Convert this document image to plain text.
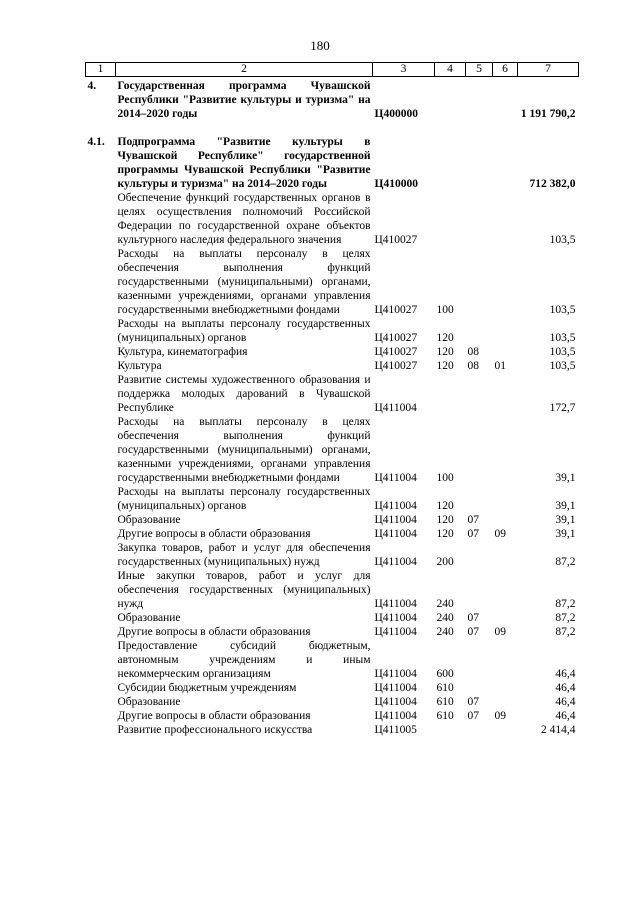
180
1	2	3	4	5	6	7
4.	Государственная программа Чувашской Республики "Развитие культуры и туризма" на 2014–2020 годы	Ц400000				1 191 790,2
4.1.	Подпрограмма "Развитие культуры в Чувашской Республике" государственной программы Чувашской Республики "Развитие культуры и туризма" на 2014–2020 годы	Ц410000				712 382,0
	Обеспечение функций государственных органов в целях осуществления полномочий Российской Федерации по государственной охране объектов культурного наследия федерального значения	Ц410027				103,5
	Расходы на выплаты персоналу в целях обеспечения выполнения функций государственными (муниципальными) органами, казенными учреждениями, органами управления государственными внебюджетными фондами	Ц410027	100			103,5
	Расходы на выплаты персоналу государственных (муниципальных) органов	Ц410027	120			103,5
	Культура, кинематография	Ц410027	120	08		103,5
	Культура	Ц410027	120	08	01	103,5
	Развитие системы художественного образования и поддержка молодых дарований в Чувашской Республике	Ц411004				172,7
	Расходы на выплаты персоналу в целях обеспечения выполнения функций государственными (муниципальными) органами, казенными учреждениями, органами управления государственными внебюджетными фондами	Ц411004	100			39,1
	Расходы на выплаты персоналу государственных (муниципальных) органов	Ц411004	120			39,1
	Образование	Ц411004	120	07		39,1
	Другие вопросы в области образования	Ц411004	120	07	09	39,1
	Закупка товаров, работ и услуг для обеспечения государственных (муниципальных) нужд	Ц411004	200			87,2
	Иные закупки товаров, работ и услуг для обеспечения государственных (муниципальных) нужд	Ц411004	240			87,2
	Образование	Ц411004	240	07		87,2
	Другие вопросы в области образования	Ц411004	240	07	09	87,2
	Предоставление субсидий бюджетным, автономным учреждениям и иным некоммерческим организациям	Ц411004	600			46,4
	Субсидии бюджетным учреждениям	Ц411004	610			46,4
	Образование	Ц411004	610	07		46,4
	Другие вопросы в области образования	Ц411004	610	07	09	46,4
	Развитие профессионального искусства	Ц411005				2 414,4
